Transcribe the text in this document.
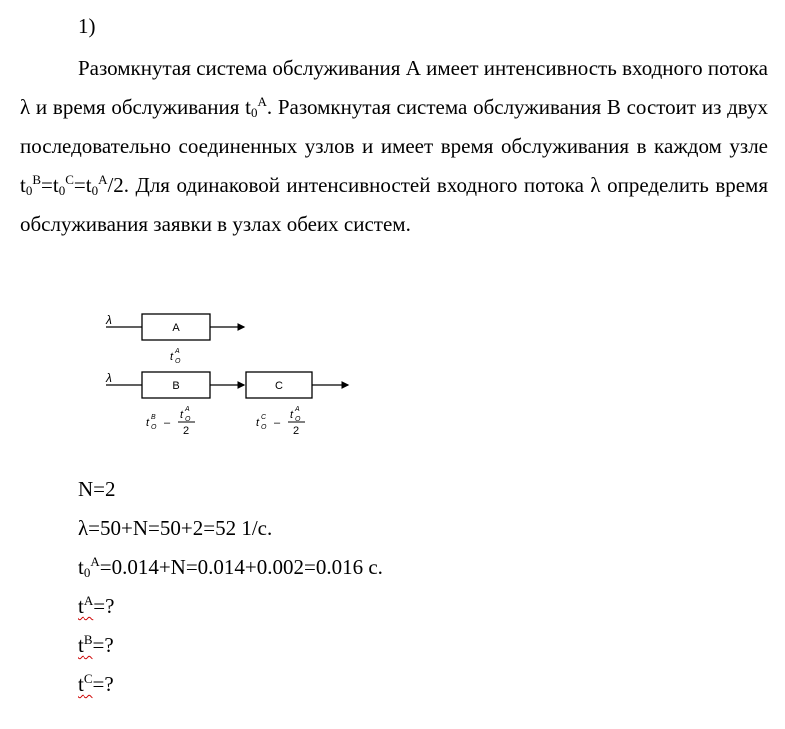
1)
Разомкнутая система обслуживания А имеет интенсивность входного потока λ и время обслуживания $t_0^A$. Разомкнутая система обслуживания В состоит из двух последовательно соединенных узлов и имеет время обслуживания в каждом узле $t_0^B=t_0^C=t_0^A/2$. Для одинаковой интенсивностей входного потока λ определить время обслуживания заявки в узлах обеих систем.
λ
A
t O
A
λ
B	C
t O
B –
t O
A
2
t O
C –
t O
A
2
N=2
λ=50+N=50+2=52 1/c.
$t_0^A=0.014+N=0.014+0.002=0.016$ c.
$t^A=$?
$t^B=$?
$t^C=$?
